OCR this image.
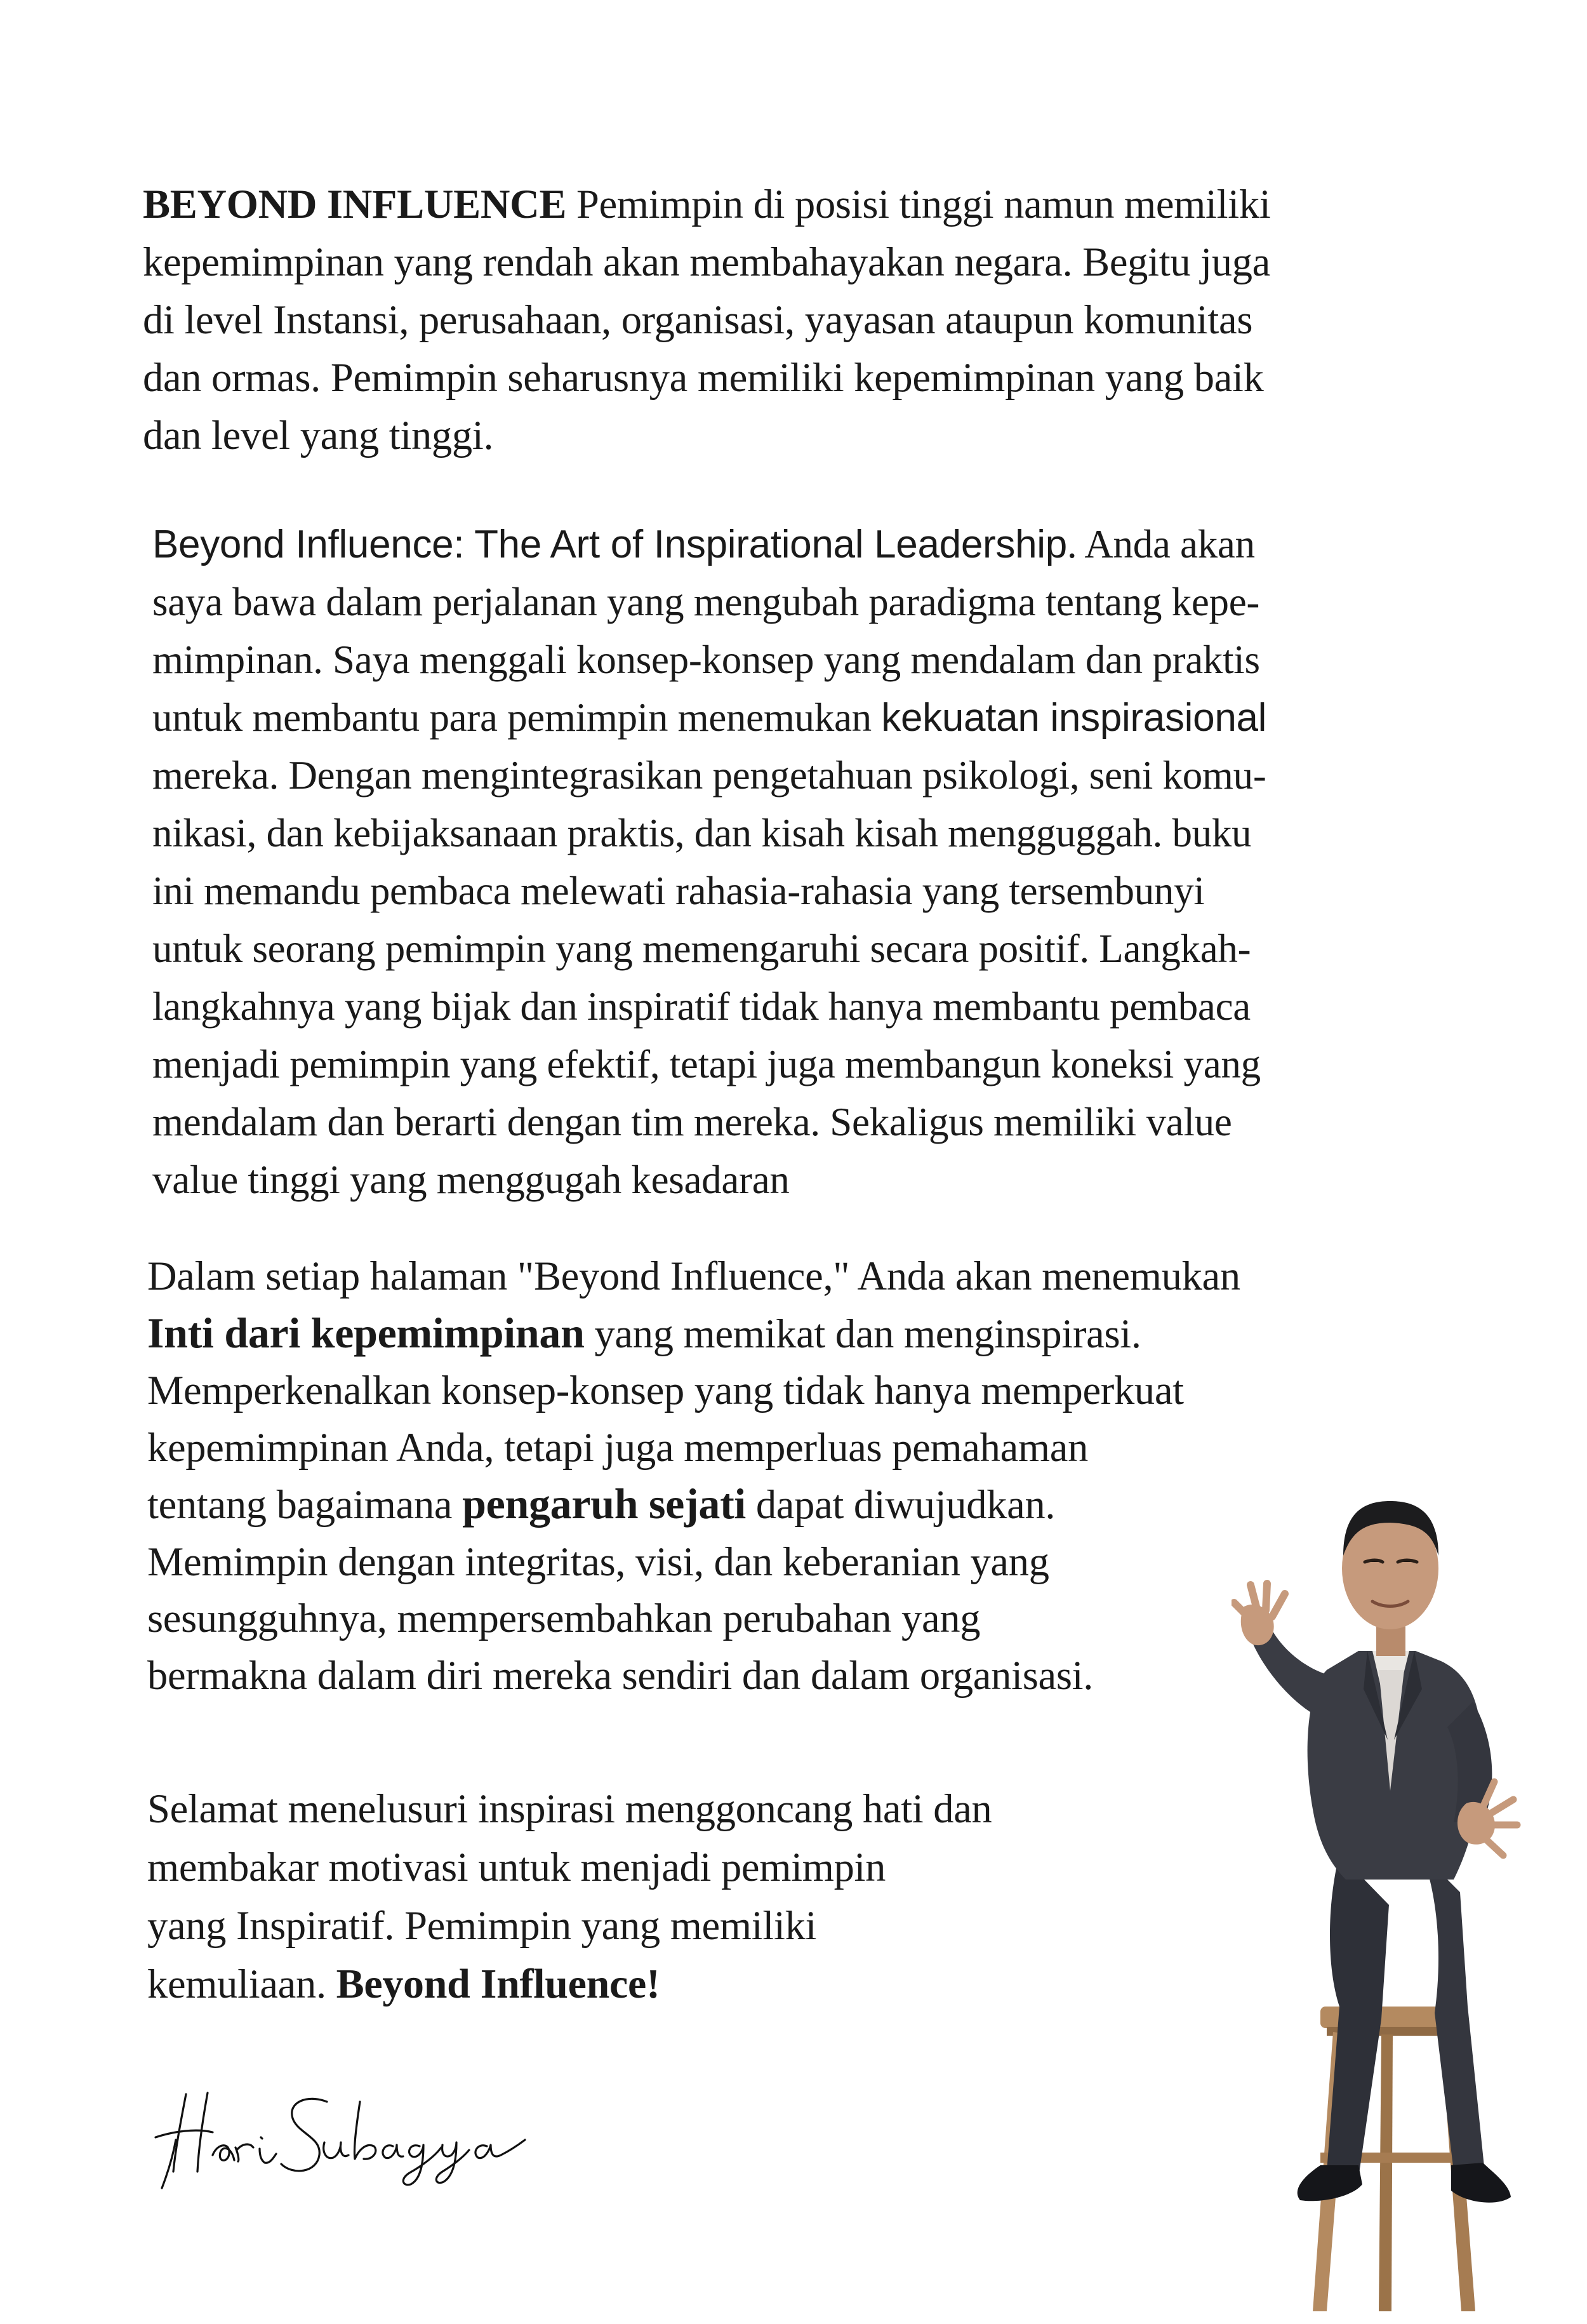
BEYOND INFLUENCE Pemimpin di posisi tinggi namun memiliki
kepemimpinan yang rendah akan membahayakan negara. Begitu juga
di level Instansi, perusahaan, organisasi, yayasan ataupun komunitas
dan ormas. Pemimpin seharusnya memiliki kepemimpinan yang baik
dan level yang tinggi.
Beyond Influence: The Art of Inspirational Leadership. Anda akan
saya bawa dalam perjalanan yang mengubah paradigma tentang kepe-
mimpinan. Saya menggali konsep-konsep yang mendalam dan praktis
untuk membantu para pemimpin menemukan kekuatan inspirasional
mereka. Dengan mengintegrasikan pengetahuan psikologi, seni komu-
nikasi, dan kebijaksanaan praktis, dan kisah kisah mengguggah. buku
ini memandu pembaca melewati rahasia-rahasia yang tersembunyi
untuk seorang pemimpin yang memengaruhi secara positif. Langkah-
langkahnya yang bijak dan inspiratif tidak hanya membantu pembaca
menjadi pemimpin yang efektif, tetapi juga membangun koneksi yang
mendalam dan berarti dengan tim mereka. Sekaligus memiliki value
value tinggi yang menggugah kesadaran
Dalam setiap halaman "Beyond Influence," Anda akan menemukan
Inti dari kepemimpinan yang memikat dan menginspirasi.
Memperkenalkan konsep-konsep yang tidak hanya memperkuat
kepemimpinan Anda, tetapi juga memperluas pemahaman
tentang bagaimana pengaruh sejati dapat diwujudkan.
Memimpin dengan integritas, visi, dan keberanian yang
sesungguhnya, mempersembahkan perubahan yang
bermakna dalam diri mereka sendiri dan dalam organisasi.
Selamat menelusuri inspirasi menggoncang hati dan
membakar motivasi untuk menjadi pemimpin
yang Inspiratif. Pemimpin yang memiliki
kemuliaan. Beyond Influence!
